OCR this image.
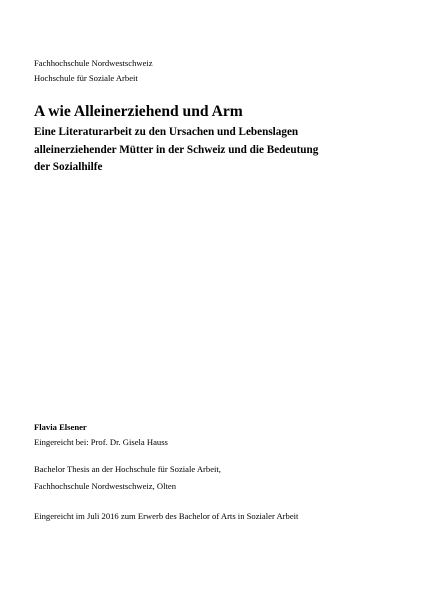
Fachhochschule Nordwestschweiz
Hochschule für Soziale Arbeit
A wie Alleinerziehend und Arm
Eine Literaturarbeit zu den Ursachen und Lebenslagen
alleinerziehender Mütter in der Schweiz und die Bedeutung
der Sozialhilfe
Flavia Elsener
Eingereicht bei: Prof. Dr. Gisela Hauss
Bachelor Thesis an der Hochschule für Soziale Arbeit,
Fachhochschule Nordwestschweiz, Olten
Eingereicht im Juli 2016 zum Erwerb des Bachelor of Arts in Sozialer Arbeit
